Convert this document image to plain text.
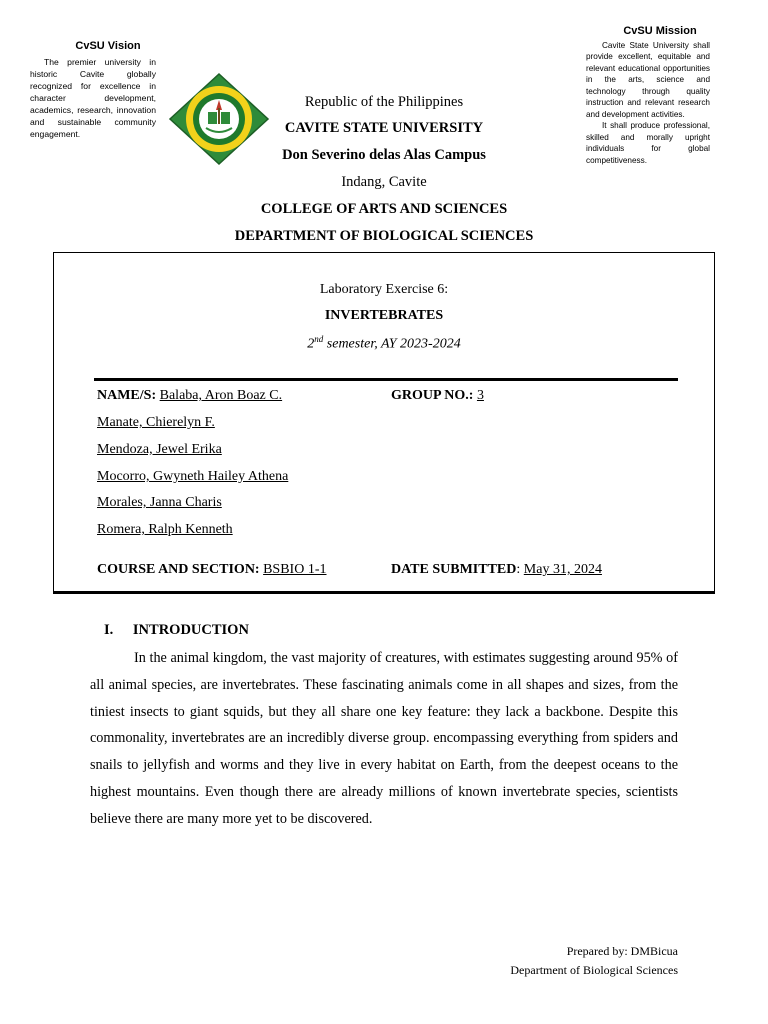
CvSU Vision
The premier university in historic Cavite globally recognized for excellence in character development, academics, research, innovation and sustainable community engagement.
CvSU Mission

Cavite State University shall provide excellent, equitable and relevant educational opportunities in the arts, science and technology through quality instruction and relevant research and development activities.

It shall produce professional, skilled and morally upright individuals for global competitiveness.

Republic of the Philippines
CAVITE STATE UNIVERSITY
Don Severino delas Alas Campus
Indang, Cavite
COLLEGE OF ARTS AND SCIENCES
DEPARTMENT OF BIOLOGICAL SCIENCES
Laboratory Exercise 6:
INVERTEBRATES
2nd semester, AY 2023-2024
NAME/S: Balaba, Aron Boaz C.
Manate, Chierelyn F.
Mendoza, Jewel Erika
Mocorro, Gwyneth Hailey Athena
Morales, Janna Charis
Romera, Ralph Kenneth
GROUP NO.: 3
COURSE AND SECTION: BSBIO 1-1	DATE SUBMITTED: May 31, 2024
I. INTRODUCTION
In the animal kingdom, the vast majority of creatures, with estimates suggesting around 95% of all animal species, are invertebrates. These fascinating animals come in all shapes and sizes, from the tiniest insects to giant squids, but they all share one key feature: they lack a backbone. Despite this commonality, invertebrates are an incredibly diverse group. encompassing everything from spiders and snails to jellyfish and worms and they live in every habitat on Earth, from the deepest oceans to the highest mountains. Even though there are already millions of known invertebrate species, scientists believe there are many more yet to be discovered.
Prepared by: DMBicua
Department of Biological Sciences
